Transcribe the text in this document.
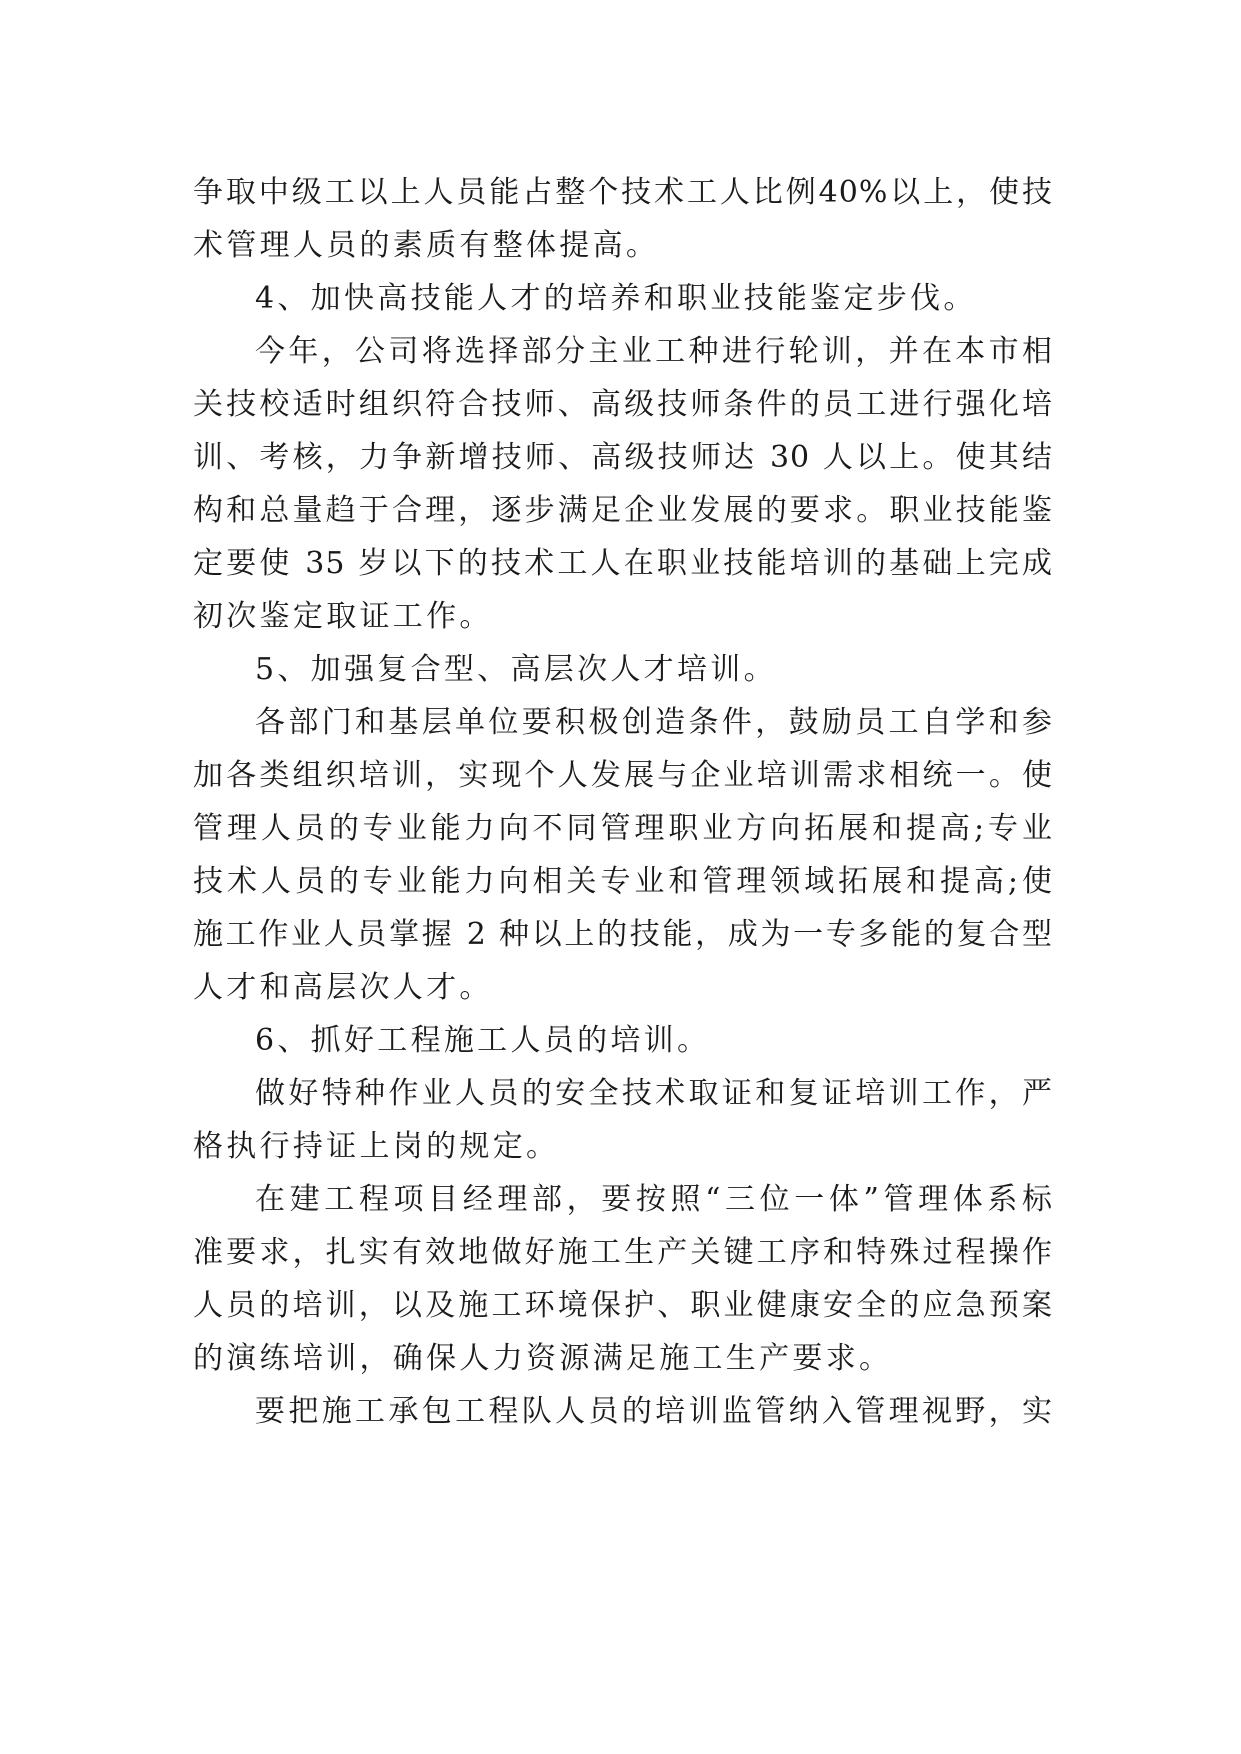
争取中级工以上人员能占整个技术工人比例40%以上，使技
术管理人员的素质有整体提高。
4、加快高技能人才的培养和职业技能鉴定步伐。
今年，公司将选择部分主业工种进行轮训，并在本市相
关技校适时组织符合技师、高级技师条件的员工进行强化培
训、考核，力争新增技师、高级技师达 30 人以上。使其结
构和总量趋于合理，逐步满足企业发展的要求。职业技能鉴
定要使 35 岁以下的技术工人在职业技能培训的基础上完成
初次鉴定取证工作。
5、加强复合型、高层次人才培训。
各部门和基层单位要积极创造条件，鼓励员工自学和参
加各类组织培训，实现个人发展与企业培训需求相统一。使
管理人员的专业能力向不同管理职业方向拓展和提高;专业
技术人员的专业能力向相关专业和管理领域拓展和提高;使
施工作业人员掌握 2 种以上的技能，成为一专多能的复合型
人才和高层次人才。
6、抓好工程施工人员的培训。
做好特种作业人员的安全技术取证和复证培训工作，严
格执行持证上岗的规定。
在建工程项目经理部，要按照“三位一体”管理体系标
准要求，扎实有效地做好施工生产关键工序和特殊过程操作
人员的培训，以及施工环境保护、职业健康安全的应急预案
的演练培训，确保人力资源满足施工生产要求。
要把施工承包工程队人员的培训监管纳入管理视野，实
